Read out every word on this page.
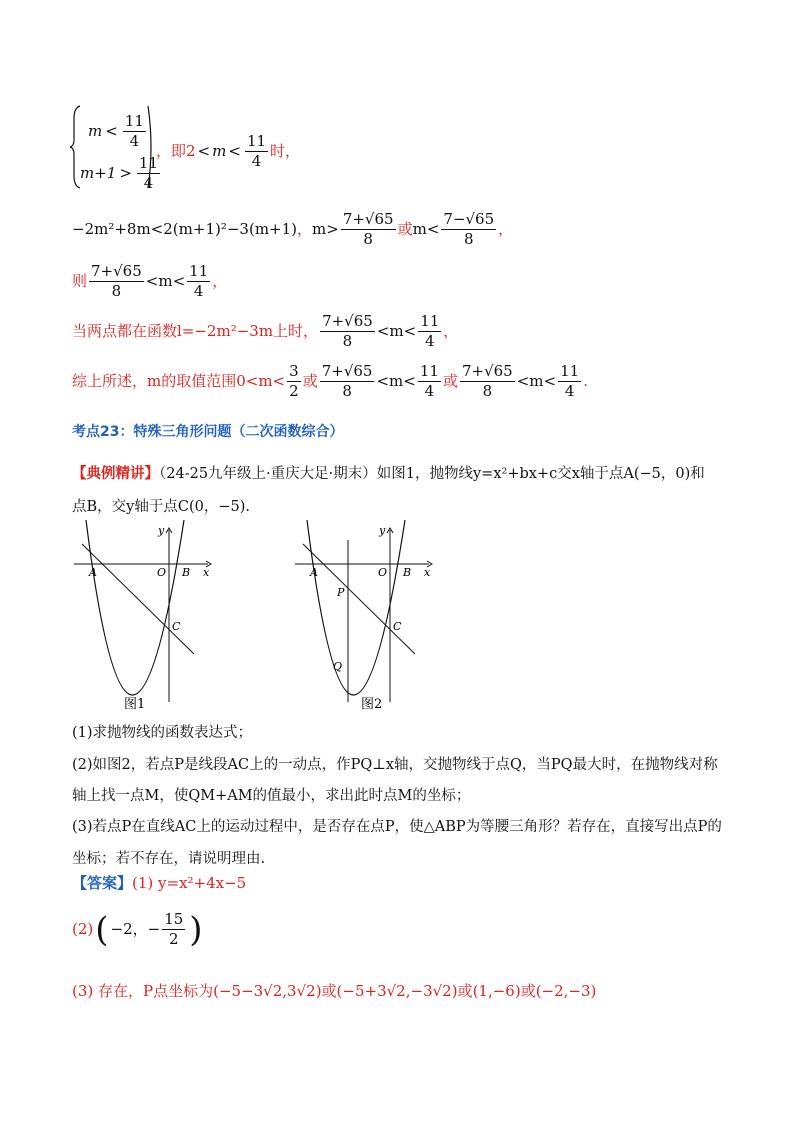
$m < \frac{11}{4}$
$m+1 > \frac{11}{4}$
，即$2 < m < \frac{11}{4}$ 时，
−2m²+8m<2(m+1)²−3(m+1) ， $m> \frac{7+√65}{8}$ 或 $m< \frac{7-√65}{8}$ ，
则 $\frac{7+√65}{8} <m< \frac{11}{4}$ ，
当两点都在函数l=−2m²−3m上时， $\frac{7+√65}{8} <m< \frac{11}{4}$ ，
综上所述，m的取值范围$0<m< \frac{3}{2}$ 或 $\frac{7+√65}{8} <m< \frac{11}{4}$ 或 $\frac{7+√65}{8} <m< \frac{11}{4}$ .
考点23：特殊三角形问题（二次函数综合）
【典例精讲】（24-25九年级上·重庆大足·期末）如图1，抛物线y=x²+bx+c交x轴于点A(−5，0)和
点B，交y轴于点C(0，−5).
y
x
A	O B
C
图1
y
x
A	O B
C
P
Q
图2
(1)求抛物线的函数表达式；
(2)如图2，若点P是线段AC上的一动点，作PQ⊥x轴，交抛物线于点Q，当PQ最大时，在抛物线对称
轴上找一点M，使QM+AM的值最小，求出此时点M的坐标；
(3)若点P在直线AC上的运动过程中，是否存在点P，使△ABP为等腰三角形？若存在，直接写出点P的
坐标；若不存在，请说明理由.
【答案】(1) y=x²+4x−5
(2) ( −2，− $\frac{15}{2}$ )
(3) 存在，P点坐标为(−5−3√2,3√2)或(−5+3√2,−3√2)或(1,−6)或(−2,−3)
